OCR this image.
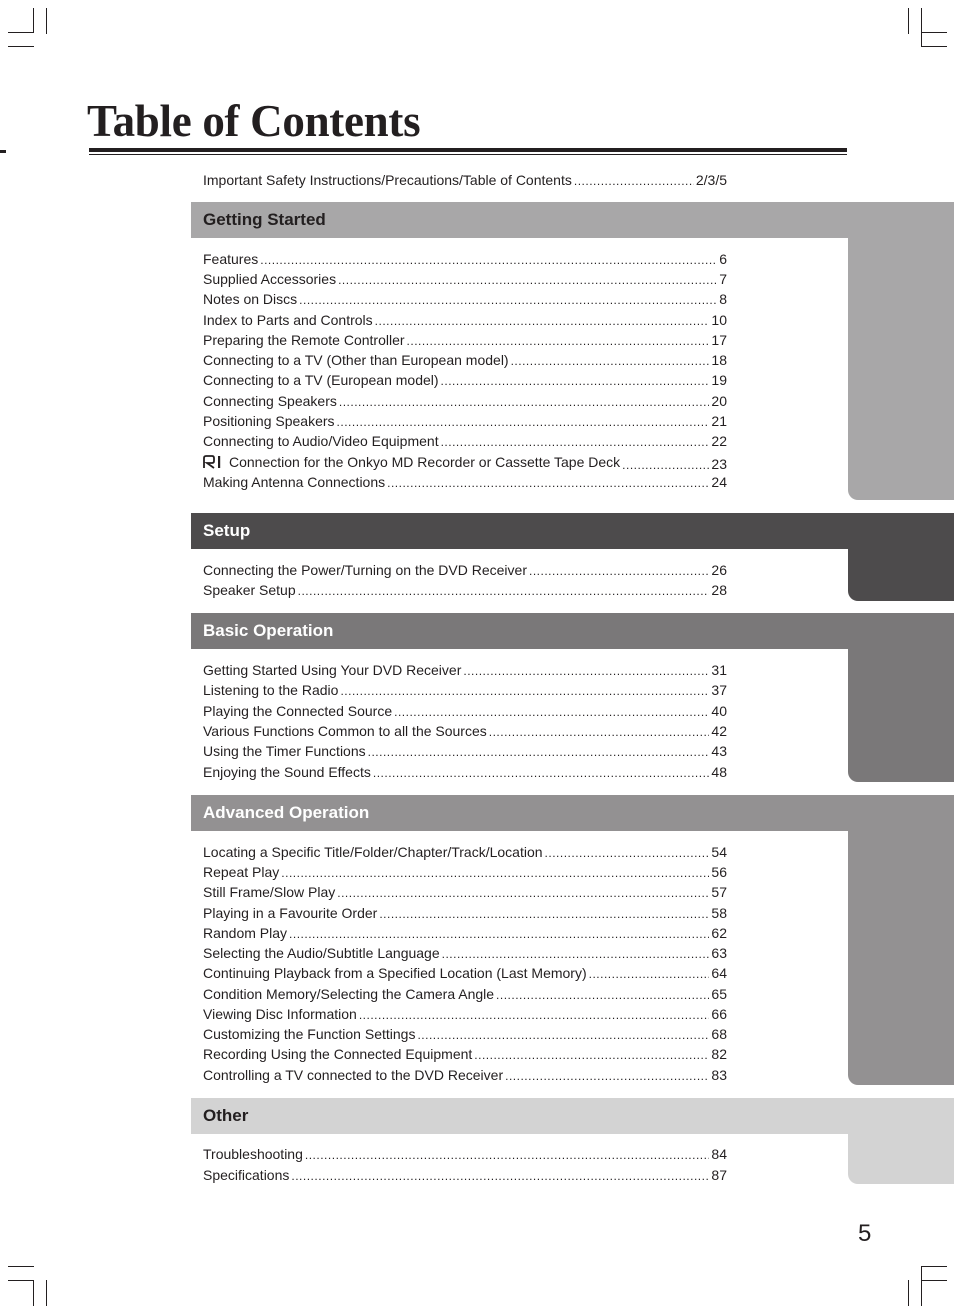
Table of Contents
Important Safety Instructions/Precautions/Table of Contents .....	2/3/5
Getting Started
Features .....	6
Supplied Accessories .....	7
Notes on Discs .....	8
Index to Parts and Controls .....	10
Preparing the Remote Controller .....	17
Connecting to a TV (Other than European model) .....	18
Connecting to a TV (European model) .....	19
Connecting Speakers .....	20
Positioning Speakers .....	21
Connecting to Audio/Video Equipment .....	22
Connection for the Onkyo MD Recorder or Cassette Tape Deck .....	23
Making Antenna Connections .....	24
Setup
Connecting the Power/Turning on the DVD Receiver .....	26
Speaker Setup .....	28
Basic Operation
Getting Started Using Your DVD Receiver .....	31
Listening to the Radio .....	37
Playing the Connected Source .....	40
Various Functions Common to all the Sources .....	42
Using the Timer Functions .....	43
Enjoying the Sound Effects .....	48
Advanced Operation
Locating a Specific Title/Folder/Chapter/Track/Location .....	54
Repeat Play .....	56
Still Frame/Slow Play .....	57
Playing in a Favourite Order .....	58
Random Play .....	62
Selecting the Audio/Subtitle Language .....	63
Continuing Playback from a Specified Location (Last Memory) .....	64
Condition Memory/Selecting the Camera Angle .....	65
Viewing Disc Information .....	66
Customizing the Function Settings .....	68
Recording Using the Connected Equipment .....	82
Controlling a TV connected to the DVD Receiver .....	83
Other
Troubleshooting .....	84
Specifications .....	87
5
